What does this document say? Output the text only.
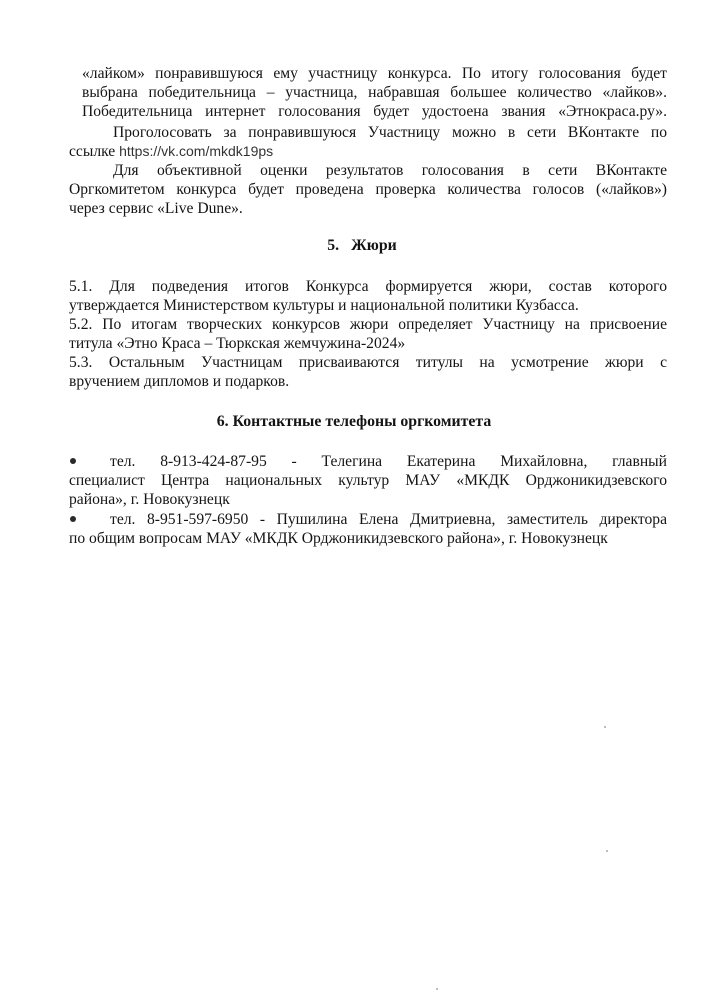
«лайком» понравившуюся ему участницу конкурса. По итогу голосования будет
выбрана победительница – участница, набравшая большее количество «лайков».
Победительница интернет голосования будет удостоена звания «Этнокраса.ру».

Проголосовать за понравившуюся Участницу можно в сети ВКонтакте по
ссылке https://vk.com/mkdk19ps

Для объективной оценки результатов голосования в сети ВКонтакте
Оргкомитетом конкурса будет проведена проверка количества голосов («лайков»)
через сервис «Live Dune».

5. Жюри

5.1. Для подведения итогов Конкурса формируется жюри, состав которого
утверждается Министерством культуры и национальной политики Кузбасса.

5.2. По итогам творческих конкурсов жюри определяет Участницу на присвоение
титула «Этно Краса – Тюркская жемчужина-2024»

5.3. Остальным Участницам присваиваются титулы на усмотрение жюри с
вручением дипломов и подарков.

6. Контактные телефоны оргкомитета

тел. 8-913-424-87-95 - Телегина Екатерина Михайловна, главный
специалист Центра национальных культур МАУ «МКДК Орджоникидзевского
района», г. Новокузнецк
тел. 8-951-597-6950 - Пушилина Елена Дмитриевна, заместитель директора
по общим вопросам МАУ «МКДК Орджоникидзевского района», г. Новокузнецк
